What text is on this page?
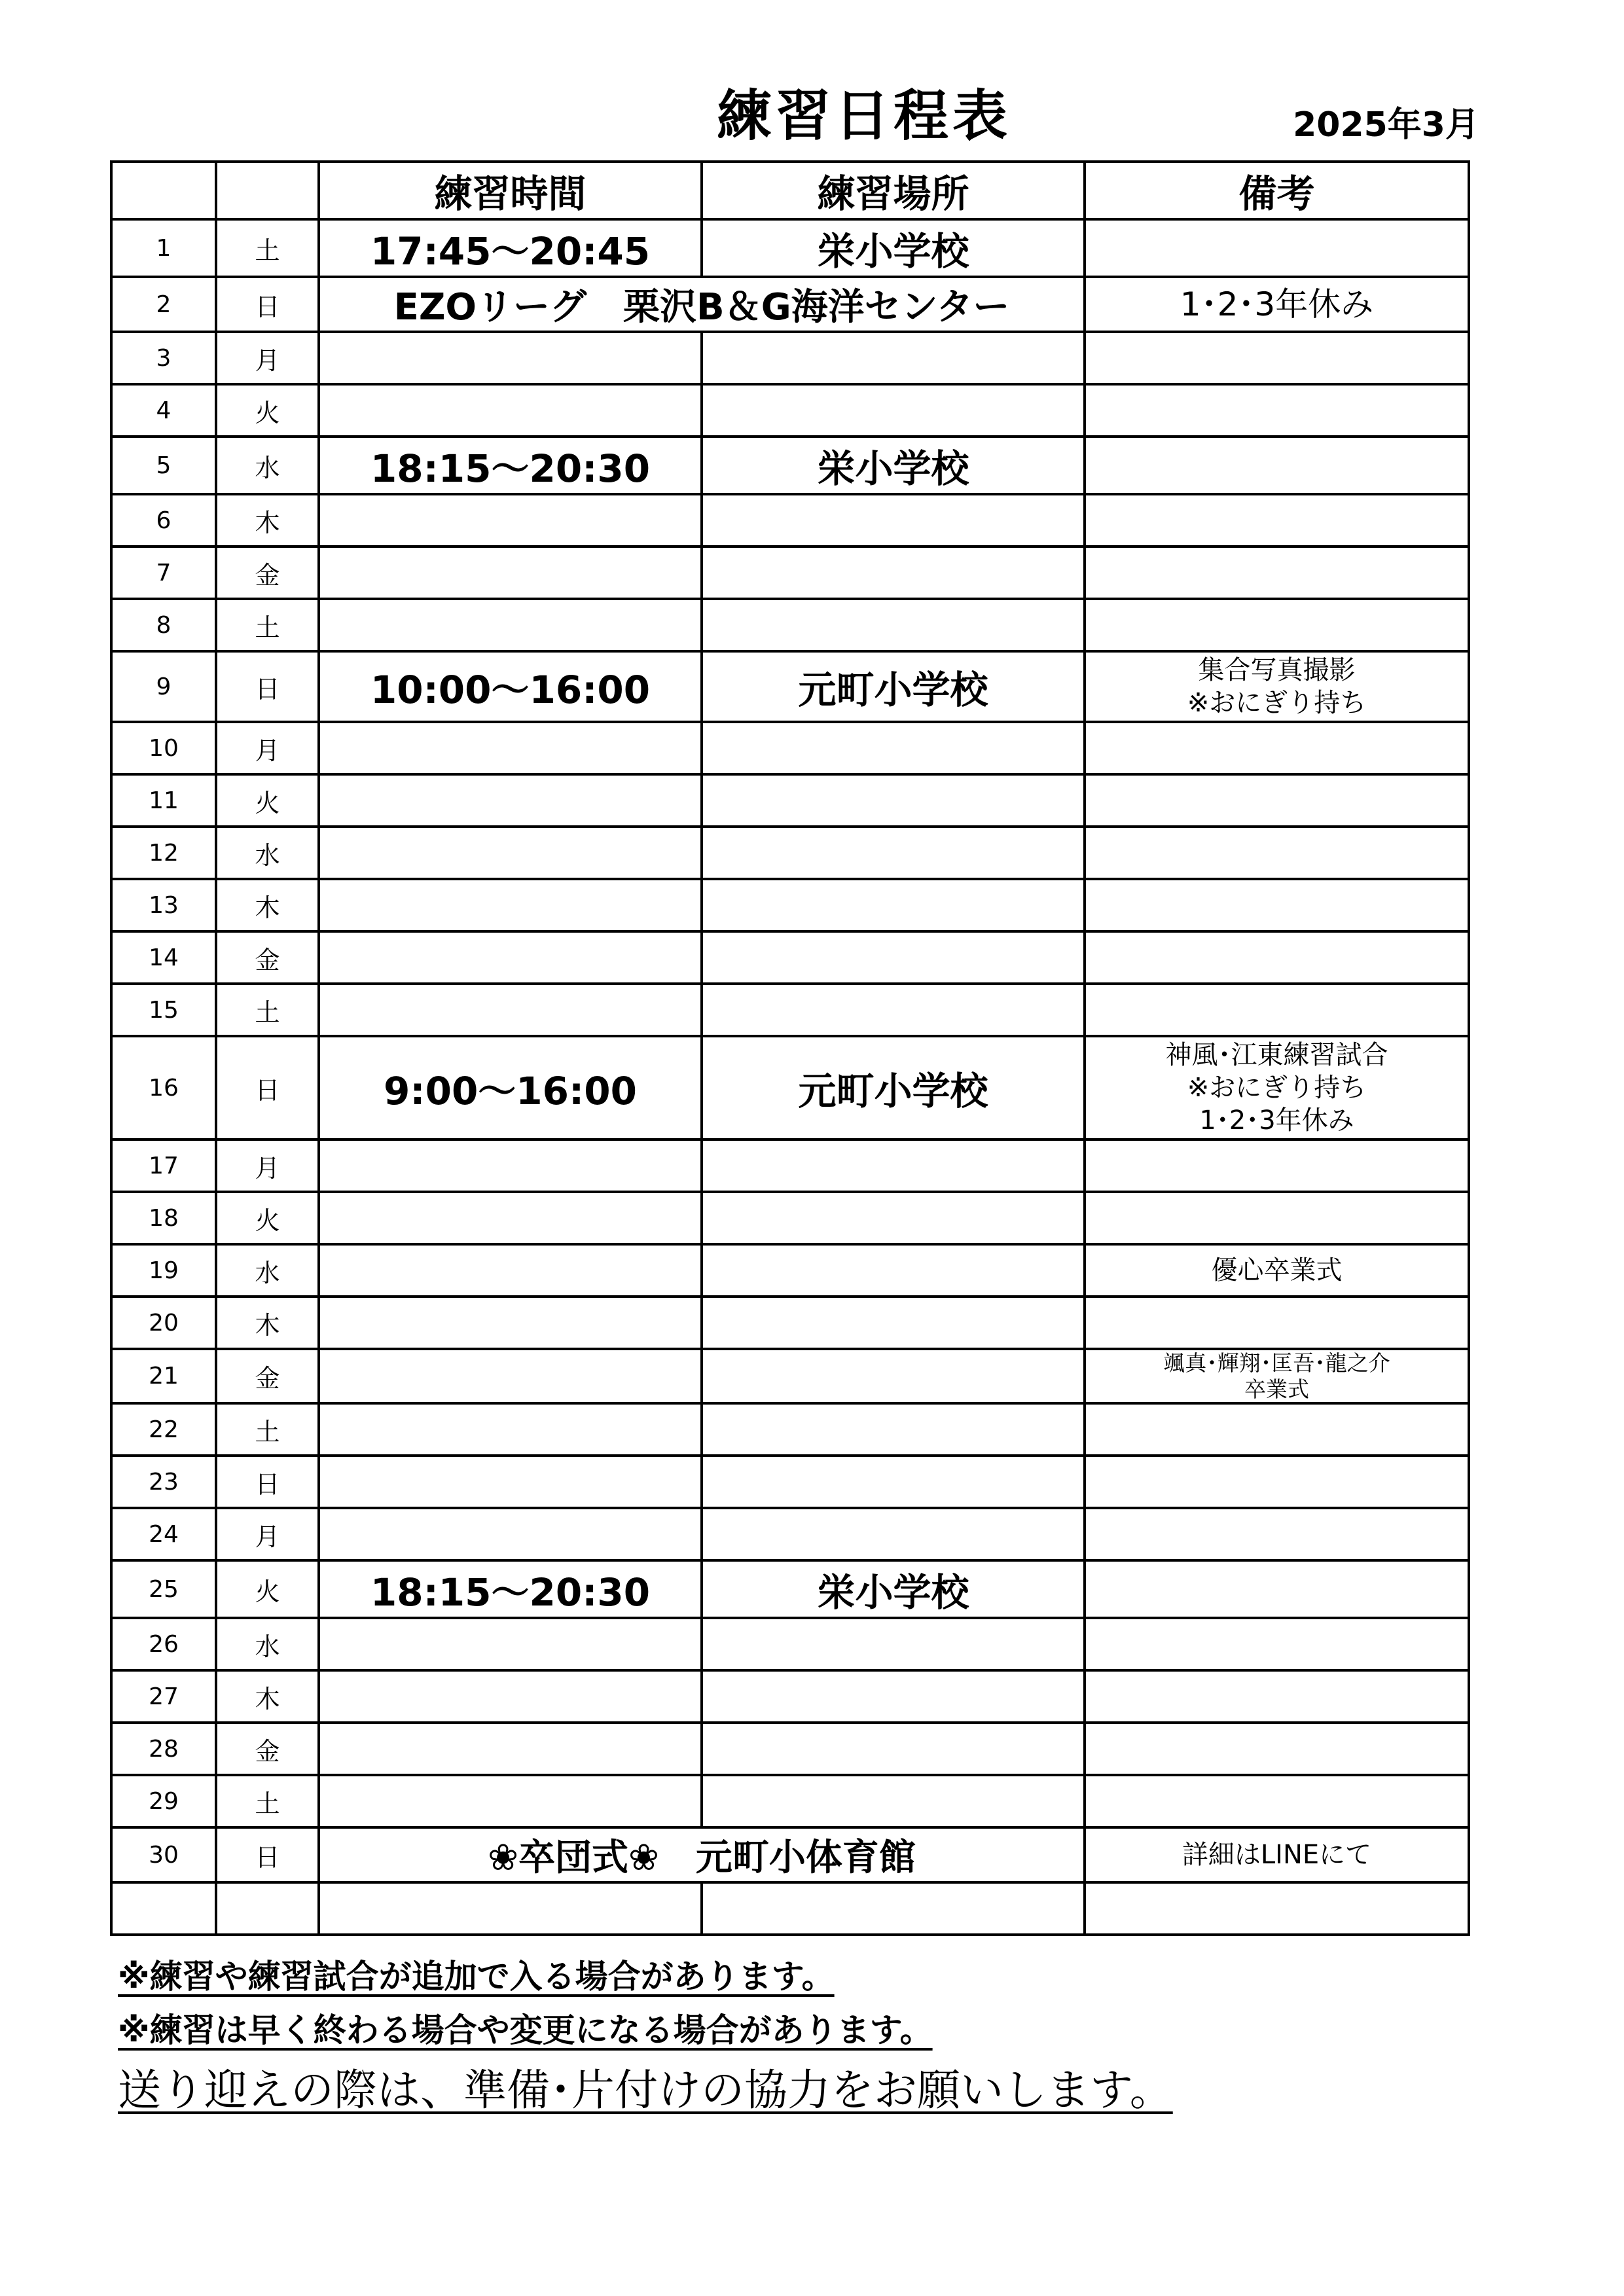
練習日程表	2025年3月
		練習時間	練習場所	備考
1	土	17:45～20:45	栄小学校	
2	日	EZOリーグ　栗沢B＆G海洋センター		1･2･3年休み

3	月			
4	火			
5	水	18:15～20:30	栄小学校	
6	木			
7	金			
8	土			
9	日	10:00～16:00	元町小学校	集合写真撮影
※おにぎり持ち

10	月			
11	火			
12	水			
13	木			
14	金			
15	土			
16	日	9:00～16:00	元町小学校	神風･江東練習試合
※おにぎり持ち
1･2･3年休み

17	月			
18	火			
19	水			優心卒業式

20	木			
21	金			颯真･輝翔･匡吾･龍之介
卒業式

22	土			
23	日			
24	月			
25	火	18:15～20:30	栄小学校	
26	水			
27	木			
28	金			
29	土			
30	日	❀卒団式❀　元町小体育館		詳細はLINEにて

※練習や練習試合が追加で入る場合があります。
※練習は早く終わる場合や変更になる場合があります。
送り迎えの際は、準備･片付けの協力をお願いします。
